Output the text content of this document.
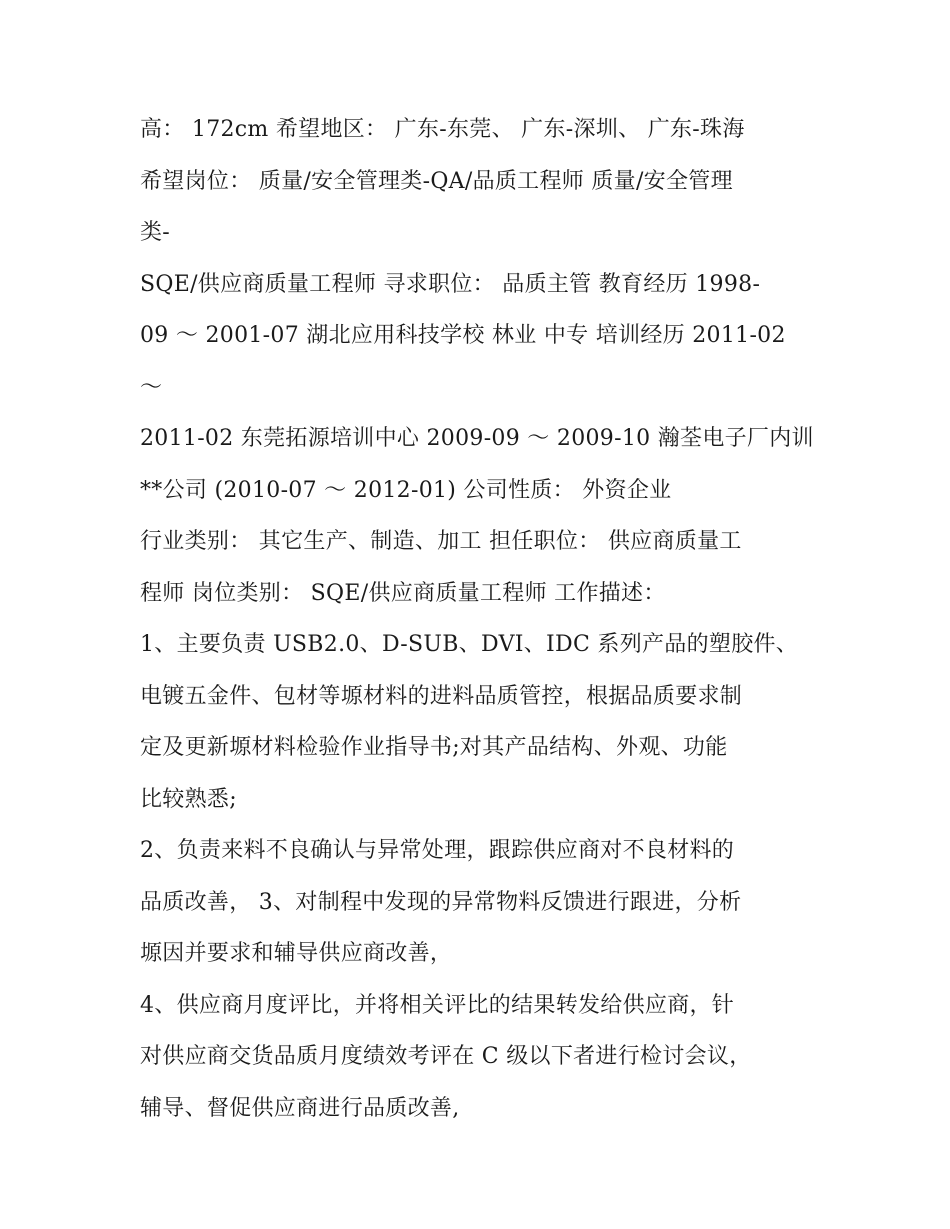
高： 172cm 希望地区： 广东-东莞、 广东-深圳、 广东-珠海
希望岗位： 质量/安全管理类-QA/品质工程师 质量/安全管理
类-
SQE/供应商质量工程师 寻求职位： 品质主管 教育经历 1998-
09 ～ 2001-07 湖北应用科技学校 林业 中专 培训经历 2011-02
～
2011-02 东莞拓源培训中心 2009-09 ～ 2009-10 瀚荃电子厂内训
**公司 (2010-07 ～ 2012-01) 公司性质： 外资企业
行业类别： 其它生产、制造、加工 担任职位： 供应商质量工
程师 岗位类别： SQE/供应商质量工程师 工作描述：
1、主要负责 USB2.0、D-SUB、DVI、IDC 系列产品的塑胶件、
电镀五金件、包材等塬材料的进料品质管控，根据品质要求制
定及更新塬材料检验作业指导书;对其产品结构、外观、功能
比较熟悉;
2、负责来料不良确认与异常处理，跟踪供应商对不良材料的
品质改善， 3、对制程中发现的异常物料反馈进行跟进，分析
塬因并要求和辅导供应商改善，
4、供应商月度评比，并将相关评比的结果转发给供应商，针
对供应商交货品质月度绩效考评在 C 级以下者进行检讨会议，
辅导、督促供应商进行品质改善,
